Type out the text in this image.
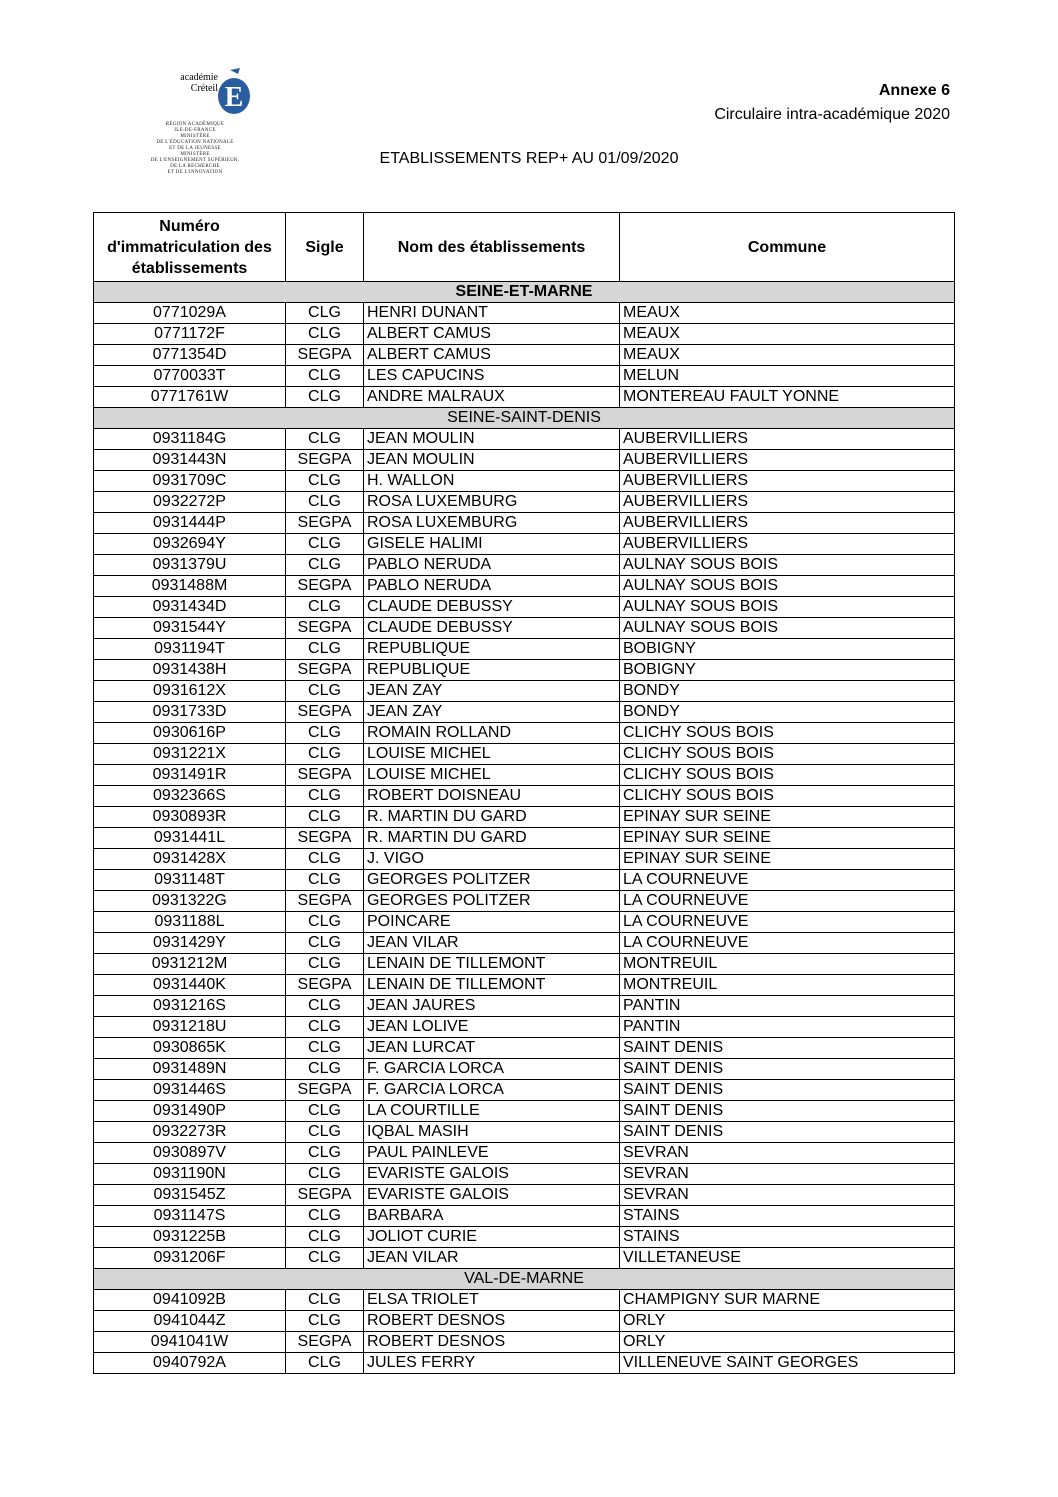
académie
Créteil E
RÉGION ACADÉMIQUE
ILE-DE-FRANCE
MINISTÈRE
DE L'ÉDUCATION NATIONALE
ET DE LA JEUNESSE
MINISTÈRE
DE L'ENSEIGNEMENT SUPÉRIEUR,
DE LA RECHERCHE
ET DE L'INNOVATION
Annexe 6
Circulaire intra-académique 2020
ETABLISSEMENTS REP+ AU 01/09/2020
Numéro d'immatriculation des établissements	Sigle	Nom des établissements	Commune
SEINE-ET-MARNE			
0771029A	CLG	HENRI DUNANT	MEAUX
0771172F	CLG	ALBERT CAMUS	MEAUX
0771354D	SEGPA	ALBERT CAMUS	MEAUX
0770033T	CLG	LES CAPUCINS	MELUN
0771761W	CLG	ANDRE MALRAUX	MONTEREAU FAULT YONNE
SEINE-SAINT-DENIS			
0931184G	CLG	JEAN MOULIN	AUBERVILLIERS
0931443N	SEGPA	JEAN MOULIN	AUBERVILLIERS
0931709C	CLG	H. WALLON	AUBERVILLIERS
0932272P	CLG	ROSA LUXEMBURG	AUBERVILLIERS
0931444P	SEGPA	ROSA LUXEMBURG	AUBERVILLIERS
0932694Y	CLG	GISELE HALIMI	AUBERVILLIERS
0931379U	CLG	PABLO NERUDA	AULNAY SOUS BOIS
0931488M	SEGPA	PABLO NERUDA	AULNAY SOUS BOIS
0931434D	CLG	CLAUDE DEBUSSY	AULNAY SOUS BOIS
0931544Y	SEGPA	CLAUDE DEBUSSY	AULNAY SOUS BOIS
0931194T	CLG	REPUBLIQUE	BOBIGNY
0931438H	SEGPA	REPUBLIQUE	BOBIGNY
0931612X	CLG	JEAN ZAY	BONDY
0931733D	SEGPA	JEAN ZAY	BONDY
0930616P	CLG	ROMAIN ROLLAND	CLICHY SOUS BOIS
0931221X	CLG	LOUISE MICHEL	CLICHY SOUS BOIS
0931491R	SEGPA	LOUISE MICHEL	CLICHY SOUS BOIS
0932366S	CLG	ROBERT DOISNEAU	CLICHY SOUS BOIS
0930893R	CLG	R. MARTIN DU GARD	EPINAY SUR SEINE
0931441L	SEGPA	R. MARTIN DU GARD	EPINAY SUR SEINE
0931428X	CLG	J. VIGO	EPINAY SUR SEINE
0931148T	CLG	GEORGES POLITZER	LA COURNEUVE
0931322G	SEGPA	GEORGES POLITZER	LA COURNEUVE
0931188L	CLG	POINCARE	LA COURNEUVE
0931429Y	CLG	JEAN VILAR	LA COURNEUVE
0931212M	CLG	LENAIN DE TILLEMONT	MONTREUIL
0931440K	SEGPA	LENAIN DE TILLEMONT	MONTREUIL
0931216S	CLG	JEAN JAURES	PANTIN
0931218U	CLG	JEAN LOLIVE	PANTIN
0930865K	CLG	JEAN LURCAT	SAINT DENIS
0931489N	CLG	F. GARCIA LORCA	SAINT DENIS
0931446S	SEGPA	F. GARCIA LORCA	SAINT DENIS
0931490P	CLG	LA COURTILLE	SAINT DENIS
0932273R	CLG	IQBAL MASIH	SAINT DENIS
0930897V	CLG	PAUL PAINLEVE	SEVRAN
0931190N	CLG	EVARISTE GALOIS	SEVRAN
0931545Z	SEGPA	EVARISTE GALOIS	SEVRAN
0931147S	CLG	BARBARA	STAINS
0931225B	CLG	JOLIOT CURIE	STAINS
0931206F	CLG	JEAN VILAR	VILLETANEUSE
VAL-DE-MARNE			
0941092B	CLG	ELSA TRIOLET	CHAMPIGNY SUR MARNE
0941044Z	CLG	ROBERT DESNOS	ORLY
0941041W	SEGPA	ROBERT DESNOS	ORLY
0940792A	CLG	JULES FERRY	VILLENEUVE SAINT GEORGES
